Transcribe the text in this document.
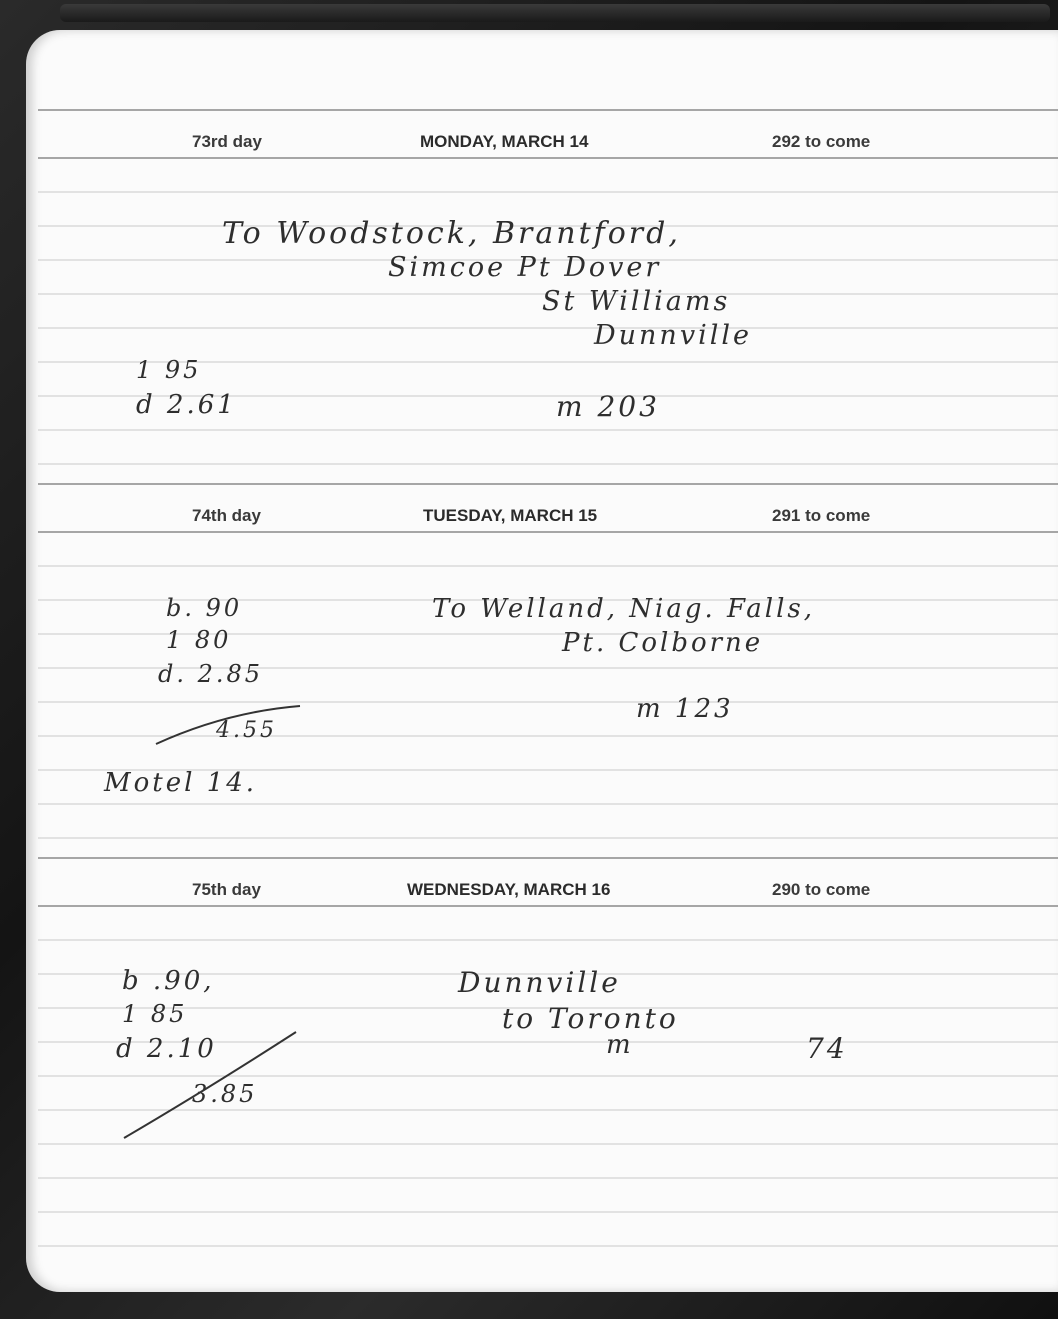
73rd day	MONDAY, MARCH 14	292 to come
To Woodstock, Brantford,
Simcoe Pt Dover
St Williams
Dunnville
1 95
d 2.61	m 203
74th day	TUESDAY, MARCH 15	291 to come
b. 90
1 80
d. 2.85
4.55
Motel 14.
To Welland, Niag. Falls,
Pt. Colborne
m 123
75th day	WEDNESDAY, MARCH 16	290 to come
b .90,
1 85
d 2.10
3.85
Dunnville
to Toronto
m	74
